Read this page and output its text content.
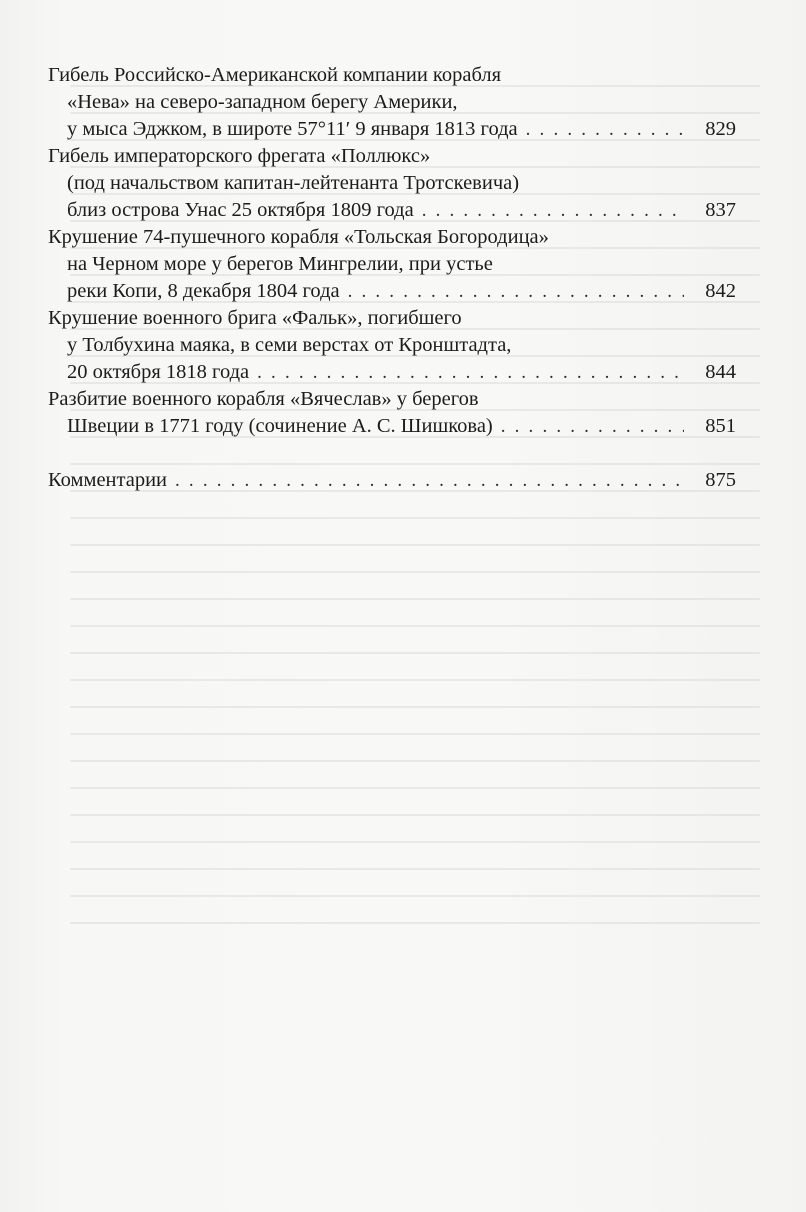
Гибель Российско-Американской компании корабля
«Нева» на северо-западном берегу Америки,
у мыса Эджком, в широте 57°11′ 9 января 1813 года . . .	829
Гибель императорского фрегата «Поллюкс»
(под начальством капитан-лейтенанта Тротскевича)
близ острова Унас 25 октября 1809 года . . .	837
Крушение 74-пушечного корабля «Тольская Богородица»
на Черном море у берегов Мингрелии, при устье
реки Копи, 8 декабря 1804 года . . .	842
Крушение военного брига «Фальк», погибшего
у Толбухина маяка, в семи верстах от Кронштадта,
20 октября 1818 года . . .	844
Разбитие военного корабля «Вячеслав» у берегов
Швеции в 1771 году (сочинение А. С. Шишкова) . . .	851
Комментарии . . .	875
